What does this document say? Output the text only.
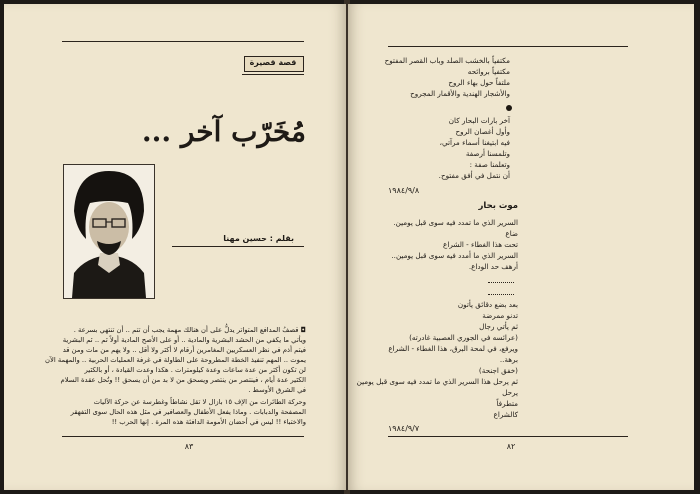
قصة قصيرة
مُخَرّب آخر ...
بقلم : حسين مهنا
◘ قصفُ المدافع المتواتر يدلُّ على أن هنالك مهمة يجب أن تتم .. أن تنتهي بسرعة .
ويأتي ما يكفي من الحشد البشرية والمادية .. أو على الأصح المادية أولاً ثم .. ثم البشرية
فيتم أذم في نظر العسكريين المغامرين أرقام لا أكثر ولا أقل .. ولا يهم من مات ومن قد
يموت .. المهم تنفيذ الخطة المطروحة على الطاولة في غرفة العمليات الحربية .. والمهمة الآن
لن تكون أكثر من عدة ساعات وعدة كيلومترات . هكذا وعدت القيادة ، أو بالكثير
الكثير عدة أيام ، فينتصر من ينتصر ويسحق من لا بد من أن يسحق !! وتُحل عقدة السلام
في الشرق الأوسط .
وحركة الطائرات من الإف ١٥ بازال لا تقل نشاطاً وغطرسة عن حركة الآليات
المصفحة والدبابات . وماذا يفعل الأطفال والعصافير في مثل هذه الحال سوى التفهقر
والاختباء !! ليس في أحضان الأمومة الدافئة هذه المرة . إنها الحرب !!
٨٣
مكتفياً بالخشب الصلد وباب القصر المفتوح
مكتفياً بروائحه
ملتفاً حول بهاء الروح
والأشجار الهندية والأقمار المجروح
آخر بارات البحار كان
وأول أغصان الروح
فيه ابتيغنا أسماء مرآتي،
وتلمسنا أرصفة
وتعلمنا صفة :
أن نتمل في أفق مفتوح.
١٩٨٤/٩/٨
موت بحار
السرير الذي ما تمدد فيه سوى قبل يومين.
ضاع
تحت هذا الغطاء - الشراع
السرير الذي ما أمدد فيه سوى قبل يومين..
أرهف حد الوداع.
بعد بضع دقائق يأتون
تدنو ممرضة
ثم يأتي رجال
(عرائسه في الجوري العصبية غادرته)
ويرفع، في لمحة البرق، هذا الغطاء - الشراع
برهة..
(خفق اجنحة)
ثم يرحل هذا السرير الذي ما تمدد فيه سوى قبل يومين
يرحل
متطرفاً
كالشراع
١٩٨٤/٩/٧
٨٢
